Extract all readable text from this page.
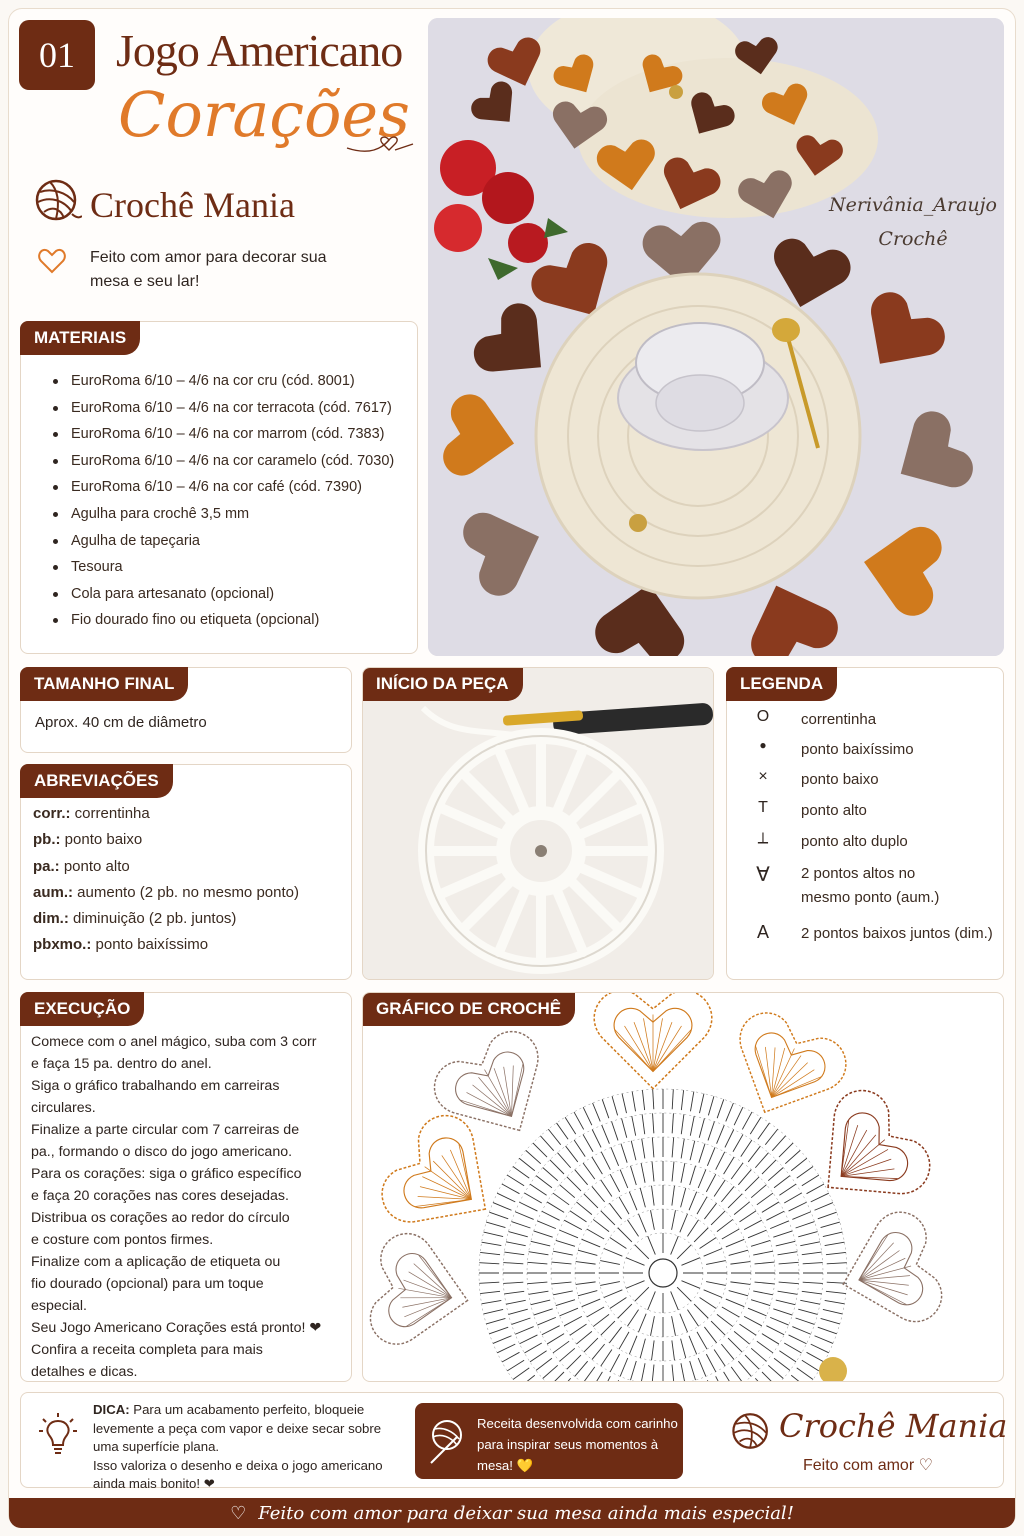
01 Jogo Americano
Corações
Crochê Mania
Feito com amor para decorar sua mesa e seu lar!
MATERIAIS
EuroRoma 6/10 – 4/6 na cor cru (cód. 8001)
EuroRoma 6/10 – 4/6 na cor terracota (cód. 7617)
EuroRoma 6/10 – 4/6 na cor marrom (cód. 7383)
EuroRoma 6/10 – 4/6 na cor caramelo (cód. 7030)
EuroRoma 6/10 – 4/6 na cor café (cód. 7390)
Agulha para crochê 3,5 mm
Agulha de tapeçaria
Tesoura
Cola para artesanato (opcional)
Fio dourado fino ou etiqueta (opcional)
Nerivânia_Araujo
Crochê
TAMANHO FINAL
Aprox. 40 cm de diâmetro
ABREVIAÇÕES
corr.: correntinha
pb.: ponto baixo
pa.: ponto alto
aum.: aumento (2 pb. no mesmo ponto)
dim.: diminuição (2 pb. juntos)
pbxmo.: ponto baixíssimo
INÍCIO DA PEÇA	LEGENDA
O	correntinha
●	ponto baixíssimo
×	ponto baixo
T	ponto alto
⟂	ponto alto duplo
∀	2 pontos altos no
mesmo ponto (aum.)
A	2 pontos baixos juntos (dim.)
EXECUÇÃO

Comece com o anel mágico, suba com 3 corr

e faça 15 pa. dentro do anel.

Siga o gráfico trabalhando em carreiras

circulares.

Finalize a parte circular com 7 carreiras de

pa., formando o disco do jogo americano.

Para os corações: siga o gráfico específico

e faça 20 corações nas cores desejadas.

Distribua os corações ao redor do círculo

e costure com pontos firmes.

Finalize com a aplicação de etiqueta ou

fio dourado (opcional) para um toque

especial.

Seu Jogo Americano Corações está pronto! ❤

Confira a receita completa para mais

detalhes e dicas.

GRÁFICO DE CROCHÊ
DICA: Para um acabamento perfeito, bloqueie levemente a peça com vapor e deixe secar sobre uma superfície plana.
Isso valoriza o desenho e deixa o jogo americano ainda mais bonito! ❤
Receita desenvolvida com carinho para inspirar seus momentos à mesa! 💛
Crochê Mania
Feito com amor ♡
♡ Feito com amor para deixar sua mesa ainda mais especial!
